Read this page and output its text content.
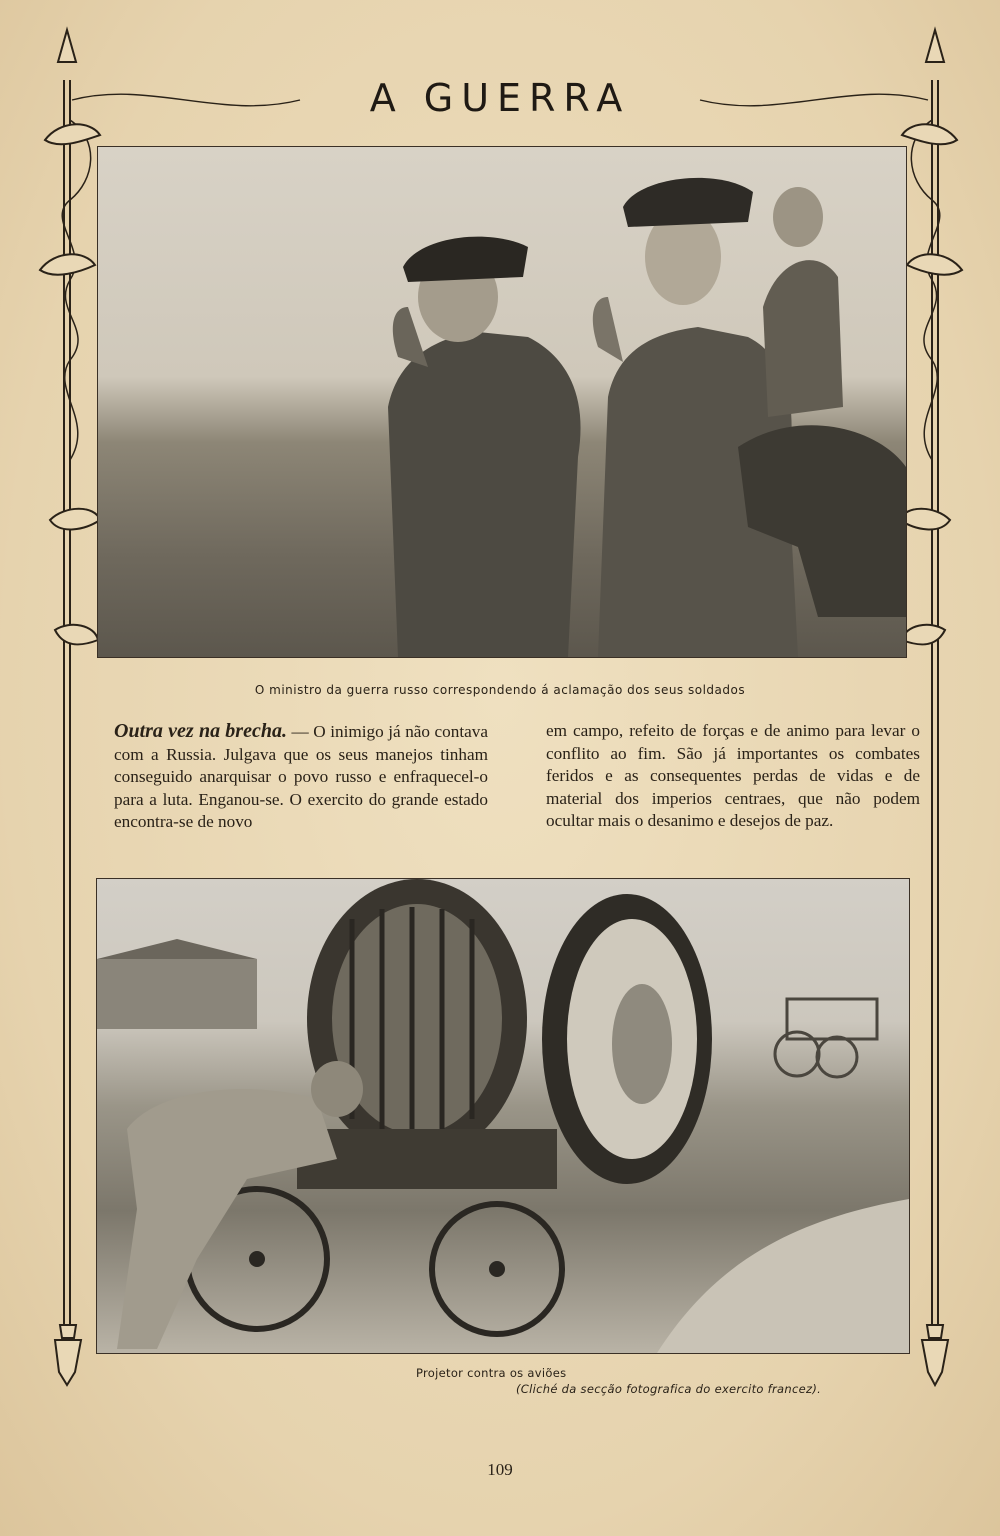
A GUERRA
O ministro da guerra russo correspondendo á aclamação dos seus soldados
Outra vez na brecha. — O inimigo já não contava com a Russia. Julgava que os seus manejos tinham conseguido anarquisar o povo russo e enfraquecel-o para a luta. Enganou-se. O exercito do grande estado encontra-se de novo
em campo, refeito de forças e de animo para levar o conflito ao fim. São já importantes os combates feridos e as consequentes perdas de vidas e de material dos imperios centraes, que não podem ocultar mais o desanimo e desejos de paz.
Projetor contra os aviões
(Cliché da secção fotografica do exercito francez).
109
